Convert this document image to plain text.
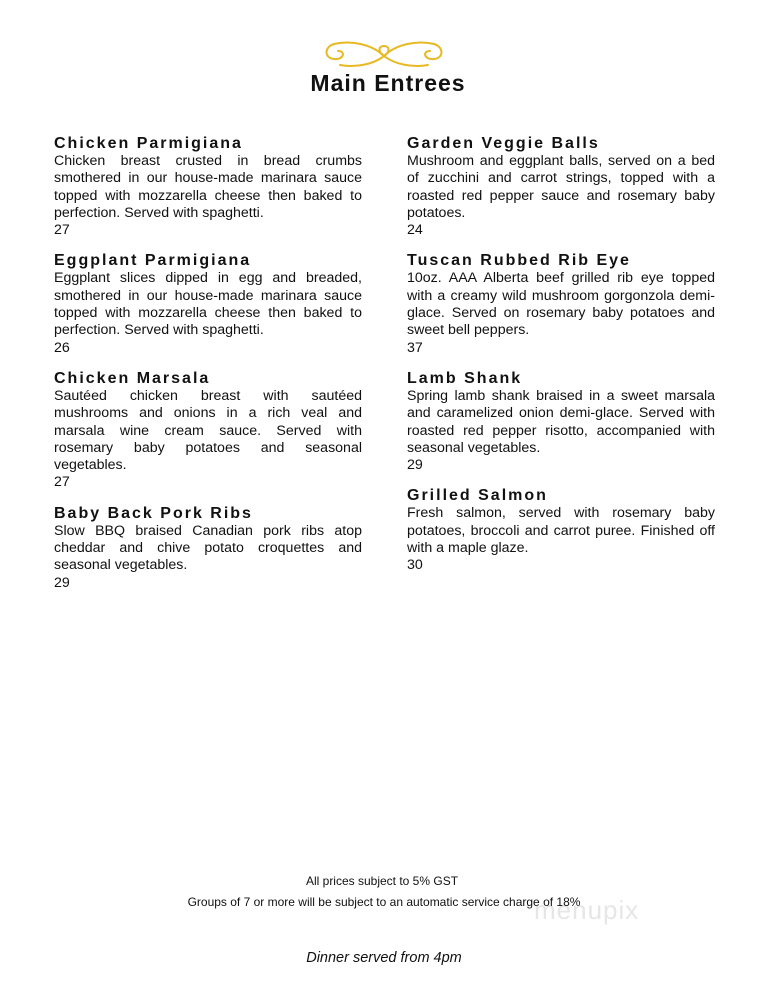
Main Entrees
Chicken Parmigiana
Chicken breast crusted in bread crumbs smothered in our house-made marinara sauce topped with mozzarella cheese then baked to perfection. Served with spaghetti.
27
Eggplant Parmigiana
Eggplant slices dipped in egg and breaded, smothered in our house-made marinara sauce topped with mozzarella cheese then baked to perfection. Served with spaghetti.
26
Chicken Marsala
Sautéed chicken breast with sautéed mushrooms and onions in a rich veal and marsala wine cream sauce. Served with rosemary baby potatoes and seasonal vegetables.
27
Baby Back Pork Ribs
Slow BBQ braised Canadian pork ribs atop cheddar and chive potato croquettes and seasonal vegetables.
29
Garden Veggie Balls
Mushroom and eggplant balls, served on a bed of zucchini and carrot strings, topped with a roasted red pepper sauce and rosemary baby potatoes.
24
Tuscan Rubbed Rib Eye
10oz. AAA Alberta beef grilled rib eye topped with a creamy wild mushroom gorgonzola demi-glace. Served on rosemary baby potatoes and sweet bell peppers.
37
Lamb Shank
Spring lamb shank braised in a sweet marsala and caramelized onion demi-glace. Served with roasted red pepper risotto, accompanied with seasonal vegetables.
29
Grilled Salmon
Fresh salmon, served with rosemary baby potatoes, broccoli and carrot puree. Finished off with a maple glaze.
30
menupix
All prices subject to 5% GST
Groups of 7 or more will be subject to an automatic service charge of 18%
Dinner served from 4pm
